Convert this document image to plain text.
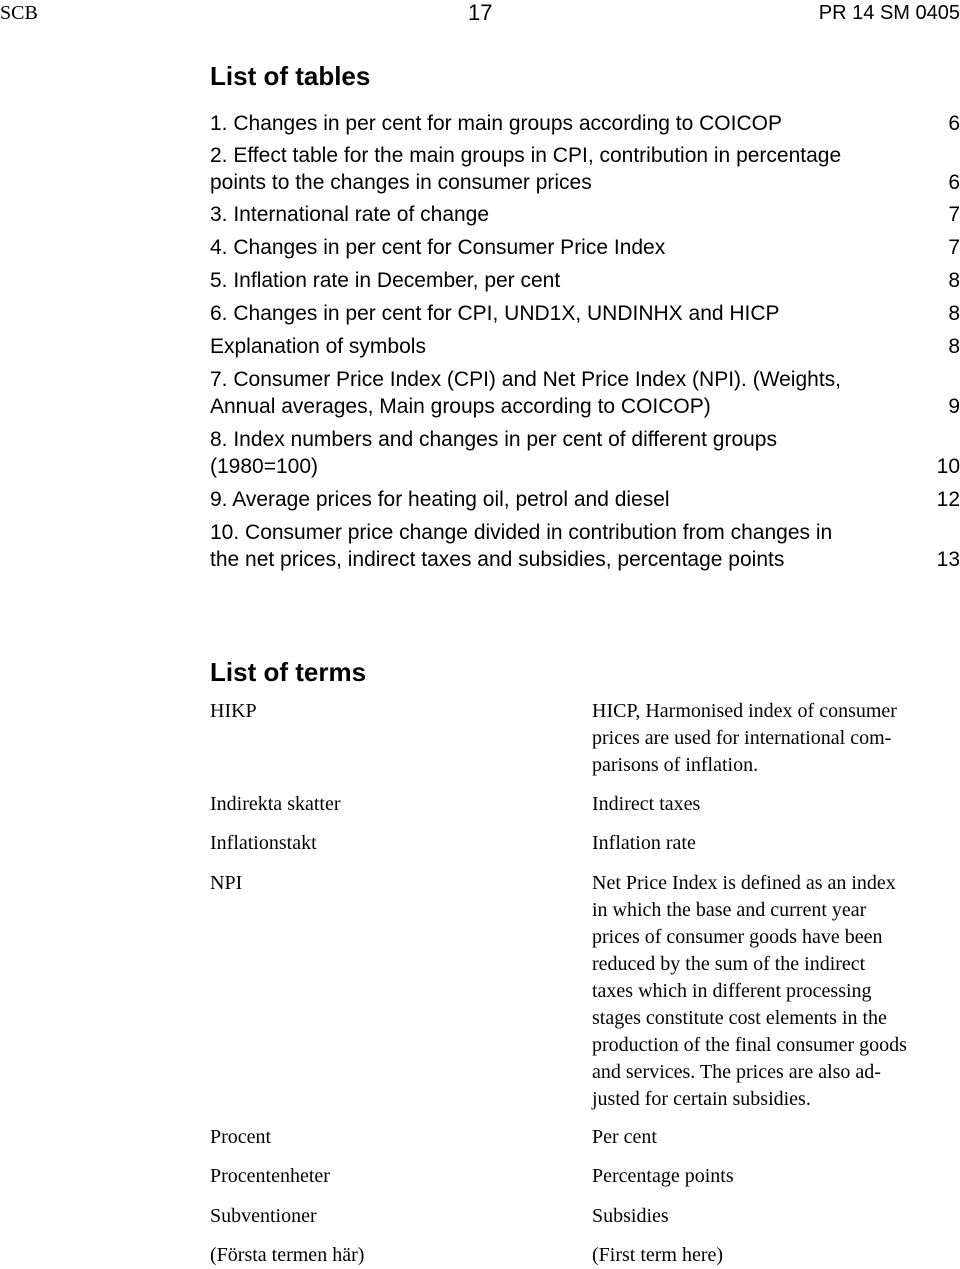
SCB	17	PR 14 SM 0405
List of tables
1. Changes in per cent for main groups according to COICOP	6
2. Effect table for the main groups in CPI, contribution in percentage
points to the changes in consumer prices	6
3. International rate of change	7
4. Changes in per cent for Consumer Price Index	7
5. Inflation rate in December, per cent	8
6. Changes in per cent for CPI, UND1X, UNDINHX and HICP	8
Explanation of symbols	8
7. Consumer Price Index (CPI) and Net Price Index (NPI). (Weights,
Annual averages, Main groups according to COICOP)	9
8. Index numbers and changes in per cent of different groups
(1980=100)	10
9. Average prices for heating oil, petrol and diesel	12
10. Consumer price change divided in contribution from changes in
the net prices, indirect taxes and subsidies, percentage points	13
List of terms
HIKP	HICP, Harmonised index of consumer
prices are used for international com-
parisons of inflation.
Indirekta skatter	Indirect taxes
Inflationstakt	Inflation rate
NPI	Net Price Index is defined as an index
in which the base and current year
prices of consumer goods have been
reduced by the sum of the indirect
taxes which in different processing
stages constitute cost elements in the
production of the final consumer goods
and services. The prices are also ad-
justed for certain subsidies.
Procent	Per cent
Procentenheter	Percentage points
Subventioner	Subsidies
(Första termen här)	(First term here)
